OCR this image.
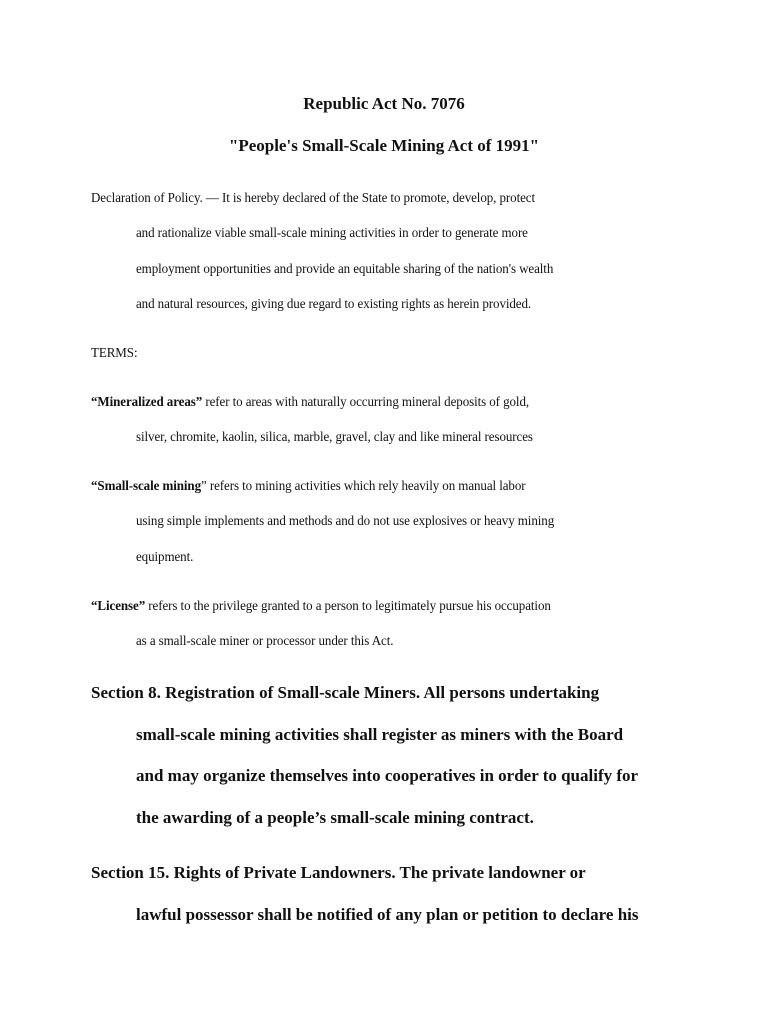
Republic Act No. 7076
"People's Small-Scale Mining Act of 1991"
Declaration of Policy. — It is hereby declared of the State to promote, develop, protect
and rationalize viable small-scale mining activities in order to generate more
employment opportunities and provide an equitable sharing of the nation's wealth
and natural resources, giving due regard to existing rights as herein provided.
TERMS:
“Mineralized areas” refer to areas with naturally occurring mineral deposits of gold,
silver, chromite, kaolin, silica, marble, gravel, clay and like mineral resources
“Small-scale mining” refers to mining activities which rely heavily on manual labor
using simple implements and methods and do not use explosives or heavy mining
equipment.
“License” refers to the privilege granted to a person to legitimately pursue his occupation
as a small-scale miner or processor under this Act.
Section 8. Registration of Small-scale Miners. All persons undertaking
small-scale mining activities shall register as miners with the Board
and may organize themselves into cooperatives in order to qualify for
the awarding of a people’s small-scale mining contract.
Section 15. Rights of Private Landowners. The private landowner or
lawful possessor shall be notified of any plan or petition to declare his
